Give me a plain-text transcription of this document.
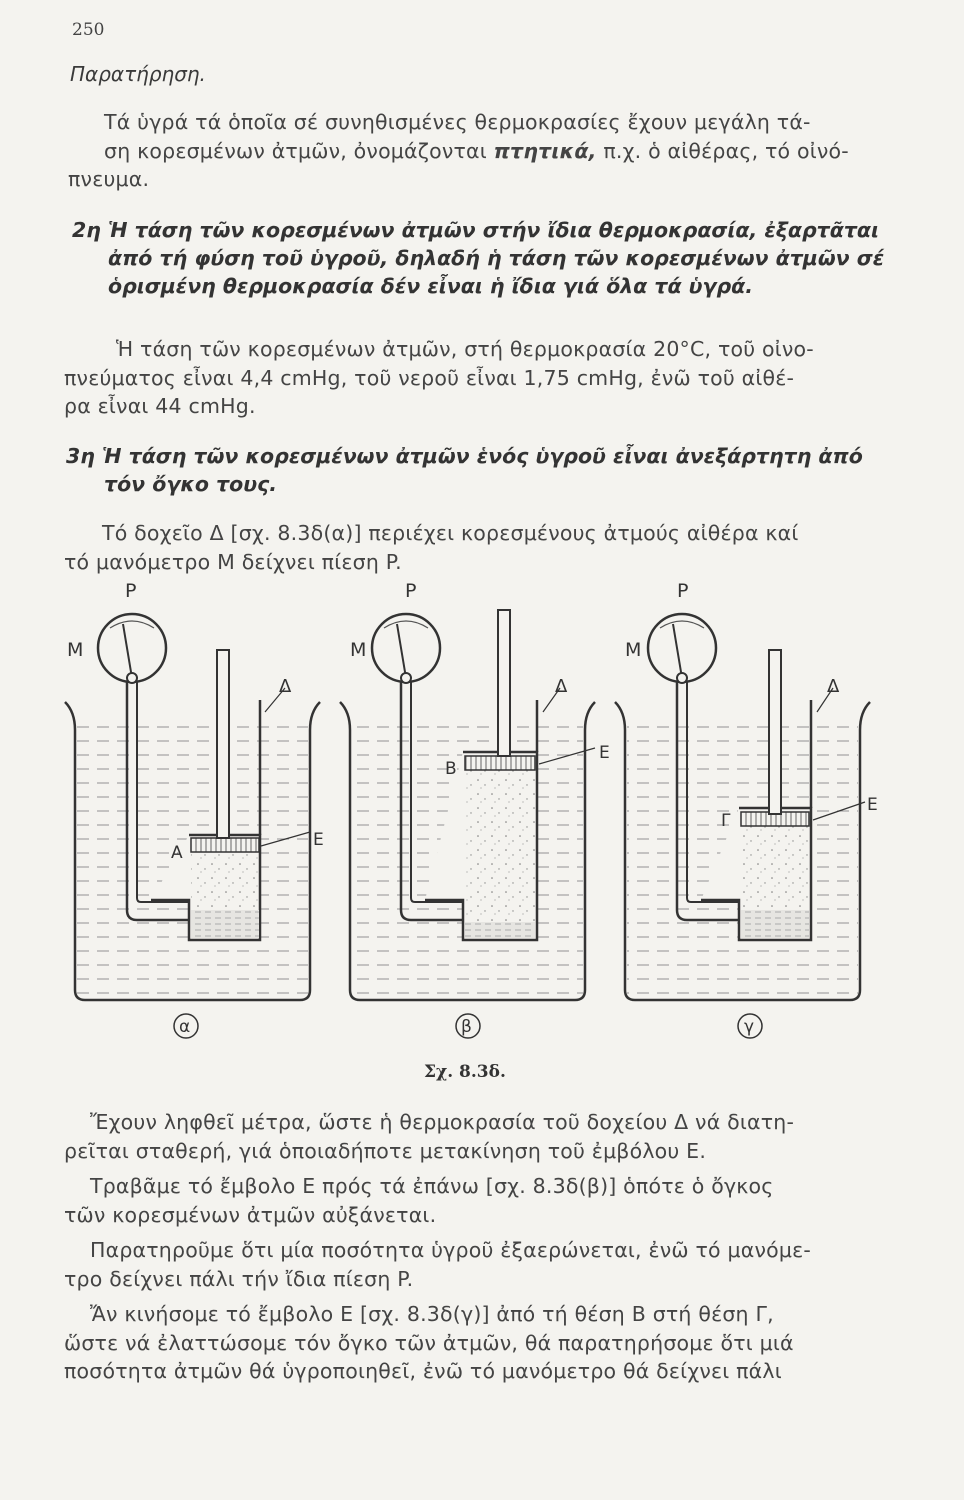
250
Παρατήρηση.

Τά ὑγρά τά ὁποῖα σέ συνηθισμένες θερμοκρασίες ἔχουν μεγάλη τά-
ση κορεσμένων ἀτμῶν, ὀνομάζονται πτητικά, π.χ. ὁ αἰθέρας, τό οἰνό-
πνευμα.

2η Ἡ τάση τῶν κορεσμένων ἀτμῶν στήν ἴδια θερμοκρασία, ἐξαρτᾶται
ἀπό τή φύση τοῦ ὑγροῦ, δηλαδή ἡ τάση τῶν κορεσμένων ἀτμῶν σέ
ὁρισμένη θερμοκρασία δέν εἶναι ἡ ἴδια γιά ὅλα τά ὑγρά.

Ἡ τάση τῶν κορεσμένων ἀτμῶν, στή θερμοκρασία 20°C, τοῦ οἰνο-
πνεύματος εἶναι 4,4 cmHg, τοῦ νεροῦ εἶναι 1,75 cmHg, ἐνῶ τοῦ αἰθέ-
ρα εἶναι 44 cmHg.

3η Ἡ τάση τῶν κορεσμένων ἀτμῶν ἑνός ὑγροῦ εἶναι ἀνεξάρτητη ἀπό
τόν ὄγκο τους.

Τό δοχεῖο Δ [σχ. 8.3δ(α)] περιέχει κορεσμένους ἀτμούς αἰθέρα καί
τό μανόμετρο Μ δείχνει πίεση P.

P
M
Δ
E
A
α
P
M
Δ
E
B
β
P
M
Δ
E
Γ
γ
Σχ. 8.3δ.

Ἔχουν ληφθεῖ μέτρα, ὥστε ἡ θερμοκρασία τοῦ δοχείου Δ νά διατη-
ρεῖται σταθερή, γιά ὁποιαδήποτε μετακίνηση τοῦ ἐμβόλου Ε.

Τραβᾶμε τό ἔμβολο Ε πρός τά ἐπάνω [σχ. 8.3δ(β)] ὁπότε ὁ ὄγκος
τῶν κορεσμένων ἀτμῶν αὐξάνεται.

Παρατηροῦμε ὅτι μία ποσότητα ὑγροῦ ἐξαερώνεται, ἐνῶ τό μανόμε-
τρο δείχνει πάλι τήν ἴδια πίεση P.

Ἄν κινήσομε τό ἔμβολο Ε [σχ. 8.3δ(γ)] ἀπό τή θέση Β στή θέση Γ,
ὥστε νά ἐλαττώσομε τόν ὄγκο τῶν ἀτμῶν, θά παρατηρήσομε ὅτι μιά
ποσότητα ἀτμῶν θά ὑγροποιηθεῖ, ἐνῶ τό μανόμετρο θά δείχνει πάλι
